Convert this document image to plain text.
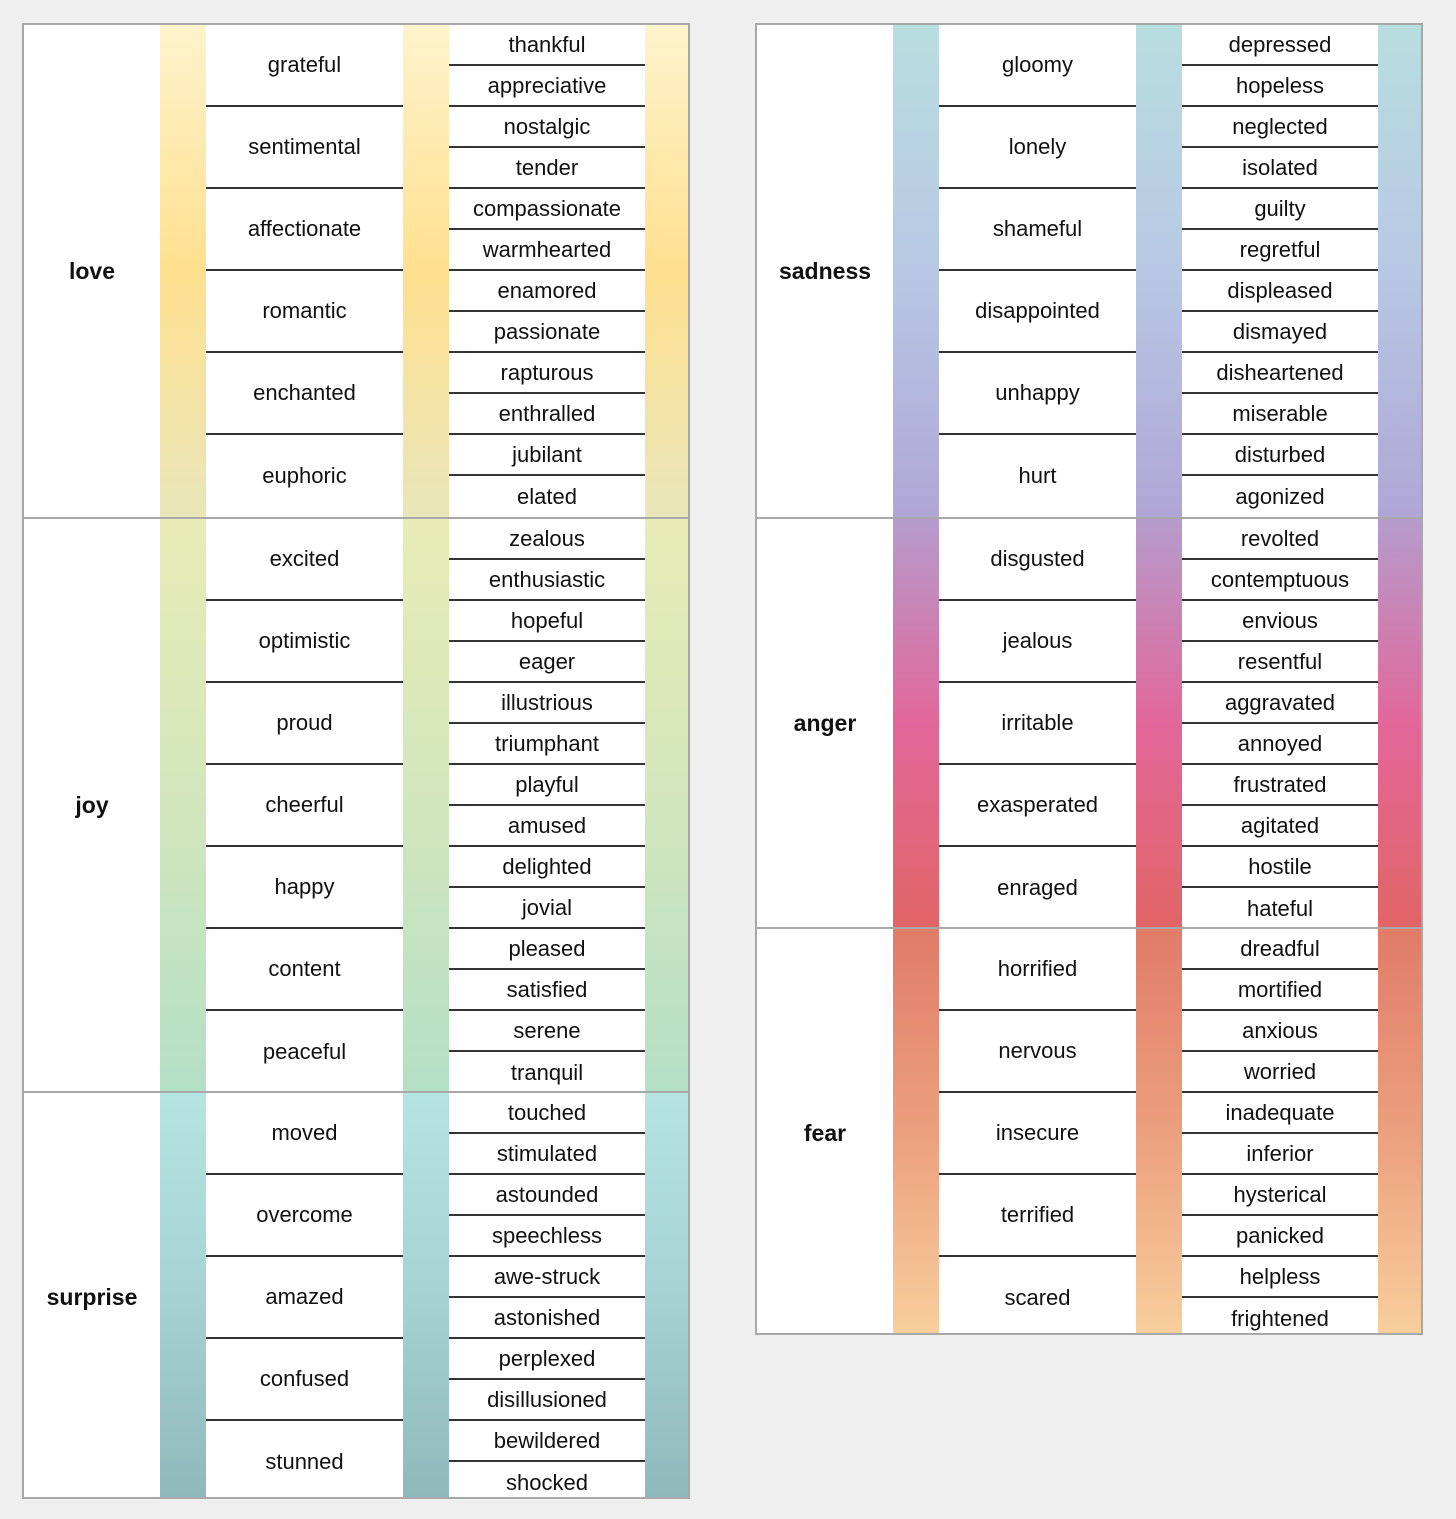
love
grateful
thankful
appreciative
sentimental
nostalgic
tender
affectionate
compassionate
warmhearted
romantic
enamored
passionate
enchanted
rapturous
enthralled
euphoric
jubilant
elated
joy
excited
zealous
enthusiastic
optimistic
hopeful
eager
proud
illustrious
triumphant
cheerful
playful
amused
happy
delighted
jovial
content
pleased
satisfied
peaceful
serene
tranquil
surprise
moved
touched
stimulated
overcome
astounded
speechless
amazed
awe-struck
astonished
confused
perplexed
disillusioned
stunned
bewildered
shocked
sadness
gloomy
depressed
hopeless
lonely
neglected
isolated
shameful
guilty
regretful
disappointed
displeased
dismayed
unhappy
disheartened
miserable
hurt
disturbed
agonized
anger
disgusted
revolted
contemptuous
jealous
envious
resentful
irritable
aggravated
annoyed
exasperated
frustrated
agitated
enraged
hostile
hateful
fear
horrified
dreadful
mortified
nervous
anxious
worried
insecure
inadequate
inferior
terrified
hysterical
panicked
scared
helpless
frightened
